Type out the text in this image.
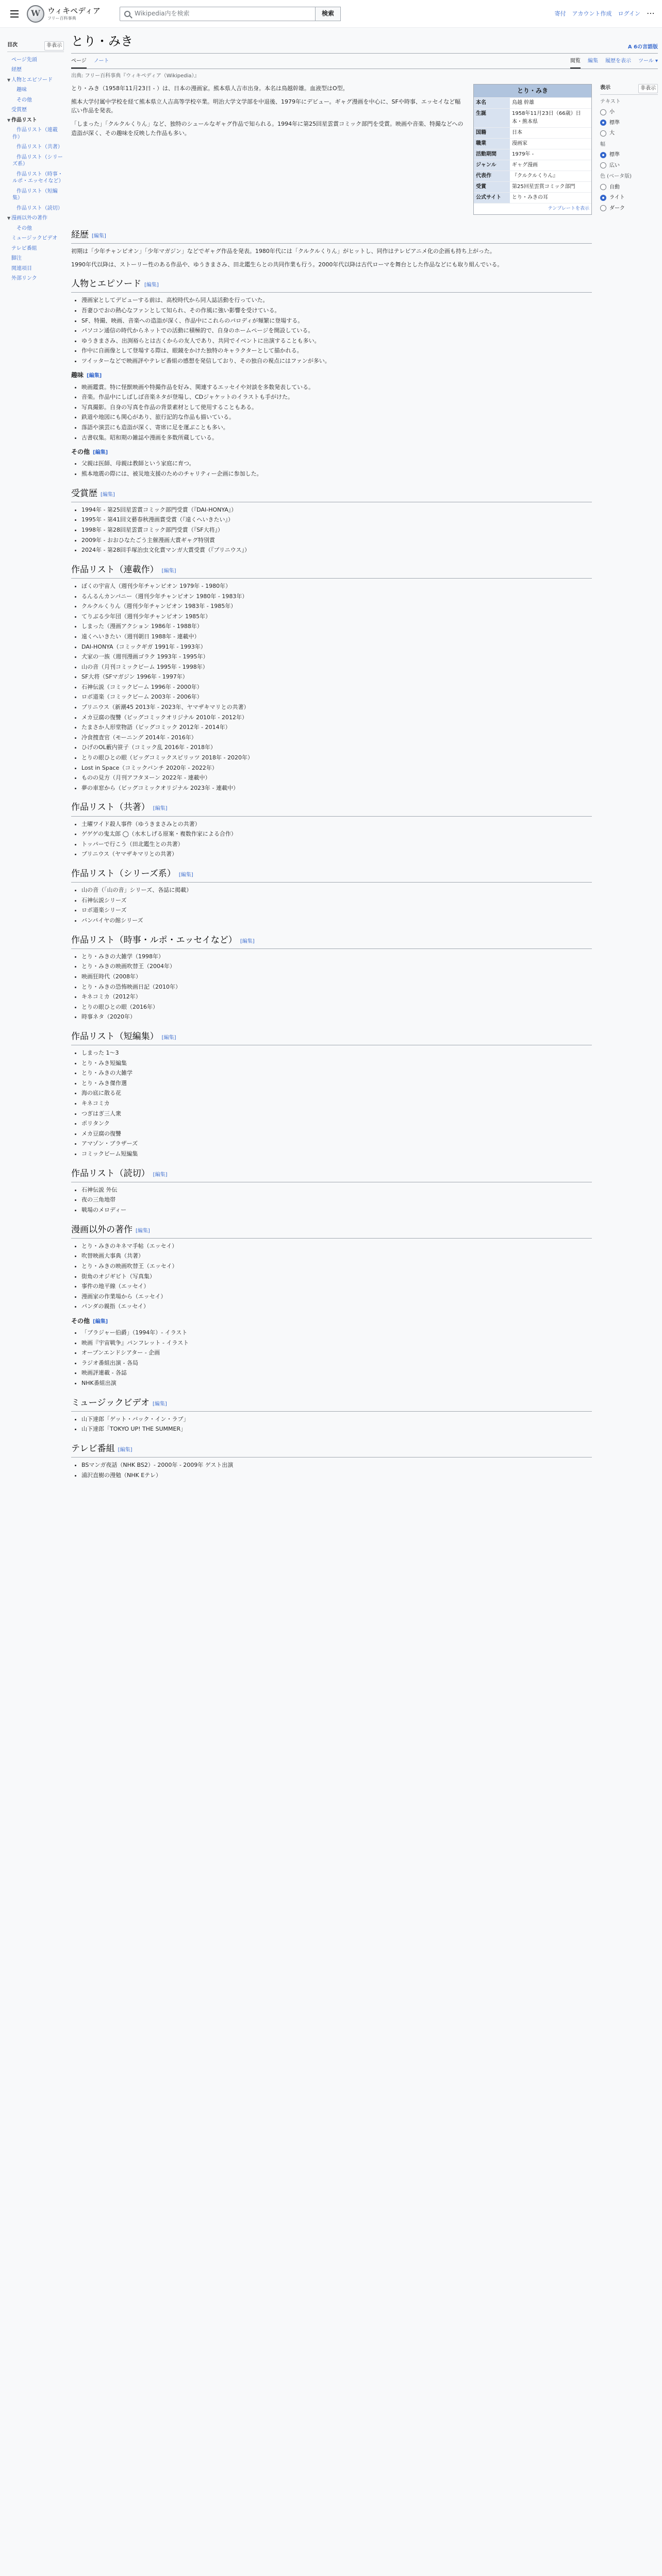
W ウィキペディア
フリー百科事典
Wikipedia内を検索	検索	寄付 アカウント作成 ログイン ⋯
目次	非表示
ページ先頭
経歴
▼ 人物とエピソード
趣味
その他
受賞歴
▼ 作品リスト
作品リスト（連載作）
作品リスト（共著）
作品リスト（シリーズ系）
作品リスト（時事・ルポ・エッセイなど）
作品リスト（短編集）
作品リスト（読切）
▼ 漫画以外の著作
その他
ミュージックビデオ
テレビ番組
脚注
関連項目
外部リンク
とり・みき	A 6の言語版
ページ ノート	閲覧 編集 履歴を表示 ツール ▾
出典: フリー百科事典『ウィキペディア（Wikipedia）』
とり・みき
本名	鳥越 幹雄
生誕	1958年11月23日（66歳）日本・熊本県
国籍	日本
職業	漫画家
活動期間	1979年 -
ジャンル	ギャグ漫画
代表作	『クルクルくりん』
受賞	第25回星雲賞コミック部門
公式サイト	とり・みきの耳
テンプレートを表示

とり・みき（1958年11月23日 - ）は、日本の漫画家。熊本県人吉市出身。本名は鳥越幹雄。血液型はO型。

熊本大学付属中学校を経て熊本県立人吉高等学校卒業。明治大学文学部を中退後、1979年にデビュー。ギャグ漫画を中心に、SFや時事、エッセイなど幅広い作品を発表。

「しまった」「クルクルくりん」など、独特のシュールなギャグ作品で知られる。1994年に第25回星雲賞コミック部門を受賞。映画や音楽、特撮などへの造詣が深く、その趣味を反映した作品も多い。

経歴 [編集]

初期は「少年チャンピオン」「少年マガジン」などでギャグ作品を発表。1980年代には「クルクルくりん」がヒットし、同作はテレビアニメ化の企画も持ち上がった。

1990年代以降は、ストーリー性のある作品や、ゆうきまさみ、田北鑑生らとの共同作業も行う。2000年代以降は古代ローマを舞台とした作品などにも取り組んでいる。

人物とエピソード [編集]
• 漫画家としてデビューする前は、高校時代から同人誌活動を行っていた。
• 吾妻ひでおの熱心なファンとして知られ、その作風に強い影響を受けている。
• SF、特撮、映画、音楽への造詣が深く、作品中にこれらのパロディが頻繁に登場する。
• パソコン通信の時代からネットでの活動に積極的で、自身のホームページを開設している。
• ゆうきまさみ、出渕裕らとは古くからの友人であり、共同でイベントに出演することも多い。
• 作中に自画像として登場する際は、眼鏡をかけた独特のキャラクターとして描かれる。
• ツイッターなどで映画評やテレビ番組の感想を発信しており、その独自の視点にはファンが多い。
趣味 [編集]
• 映画鑑賞。特に怪獣映画や特撮作品を好み、関連するエッセイや対談を多数発表している。
• 音楽。作品中にしばしば音楽ネタが登場し、CDジャケットのイラストも手がけた。
• 写真撮影。自身の写真を作品の背景素材として使用することもある。
• 鉄道や地図にも関心があり、旅行記的な作品も描いている。
• 落語や演芸にも造詣が深く、寄席に足を運ぶことも多い。
• 古書収集。昭和期の雑誌や漫画を多数所蔵している。
その他 [編集]
• 父親は医師、母親は教師という家庭に育つ。
• 熊本地震の際には、被災地支援のためのチャリティー企画に参加した。
受賞歴 [編集]
• 1994年 - 第25回星雲賞コミック部門受賞（『DAI-HONYA』）
• 1995年 - 第41回文藝春秋漫画賞受賞（『遠くへいきたい』）
• 1998年 - 第28回星雲賞コミック部門受賞（『SF大将』）
• 2009年 - おおひなたごう主催漫画大賞ギャグ特別賞
• 2024年 - 第28回手塚治虫文化賞マンガ大賞受賞（『プリニウス』）
作品リスト（連載作） [編集]
• ぼくの宇宙人（週刊少年チャンピオン 1979年 - 1980年）
• るんるんカンパニー（週刊少年チャンピオン 1980年 - 1983年）
• クルクルくりん（週刊少年チャンピオン 1983年 - 1985年）
• てりぶる少年団（週刊少年チャンピオン 1985年）
• しまった（漫画アクション 1986年 - 1988年）
• 遠くへいきたい（週刊朝日 1988年 - 連載中）
• DAI-HONYA（コミックギガ 1991年 - 1993年）
• 犬家の一族（週刊漫画ゴラク 1993年 - 1995年）
• 山の音（月刊コミックビーム 1995年 - 1998年）
• SF大将（SFマガジン 1996年 - 1997年）
• 石神伝説（コミックビーム 1996年 - 2000年）
• ロボ道楽（コミックビーム 2003年 - 2006年）
• プリニウス（新潮45 2013年 - 2023年、ヤマザキマリとの共著）
• メカ豆腐の復讐（ビッグコミックオリジナル 2010年 - 2012年）
• たまさか人形堂物語（ビッグコミック 2012年 - 2014年）
• 冷食捜査官（モーニング 2014年 - 2016年）
• ひげのOL藪内笹子（コミック乱 2016年 - 2018年）
• とりの眼ひとの眼（ビッグコミックスピリッツ 2018年 - 2020年）
• Lost in Space（コミックバンチ 2020年 - 2022年）
• ものの見方（月刊アフタヌーン 2022年 - 連載中）
• 夢の車窓から（ビッグコミックオリジナル 2023年 - 連載中）
作品リスト（共著） [編集]
• 土曜ワイド殺人事件（ゆうきまさみとの共著）
• ゲゲゲの鬼太郎 ◯（水木しげる原案・複数作家による合作）
• トッパーで行こう（田北鑑生との共著）
• プリニウス（ヤマザキマリとの共著）
作品リスト（シリーズ系） [編集]
• 山の音（「山の音」シリーズ、各誌に掲載）
• 石神伝説シリーズ
• ロボ道楽シリーズ
• バンパイヤの館シリーズ
作品リスト（時事・ルポ・エッセイなど） [編集]
• とり・みきの大雑学（1998年）
• とり・みきの映画吹替王（2004年）
• 映画狂時代（2008年）
• とり・みきの恐怖映画日記（2010年）
• キネコミカ（2012年）
• とりの眼ひとの眼（2016年）
• 時事ネタ（2020年）
作品リスト（短編集） [編集]
• しまった 1～3
• とり・みき短編集
• とり・みきの大雑学
• とり・みき傑作選
• 海の底に散る花
• キネコミカ
• つぎはぎ三人衆
• ポリタンク
• メカ豆腐の復讐
• アマゾン・ブラザーズ
• コミックビーム短編集
作品リスト（読切） [編集]
• 石神伝説 外伝
• 夜の三角地帯
• 戦場のメロディー
漫画以外の著作 [編集]
• とり・みきのキネマ手帖（エッセイ）
• 吹替映画大事典（共著）
• とり・みきの映画吹替王（エッセイ）
• 街角のオジギビト（写真集）
• 事件の地平線（エッセイ）
• 漫画家の作業場から（エッセイ）
• パンダの親指（エッセイ）
その他 [編集]
• 「ブラジャー伯爵」（1994年）- イラスト
• 映画『宇宙戦争』パンフレット - イラスト
• オープンエンドシアター - 企画
• ラジオ番組出演 - 各局
• 映画評連載 - 各誌
• NHK番組出演
ミュージックビデオ [編集]
• 山下達郎「ゲット・バック・イン・ラブ」
• 山下達郎「TOKYO UP! THE SUMMER」
テレビ番組 [編集]
• BSマンガ夜話（NHK BS2）- 2000年 - 2009年 ゲスト出演
• 浦沢直樹の漫勉（NHK Eテレ）
表示	非表示
テキスト
小
標準
大
幅
標準
広い
色 (ベータ版)
自動
ライト
ダーク
